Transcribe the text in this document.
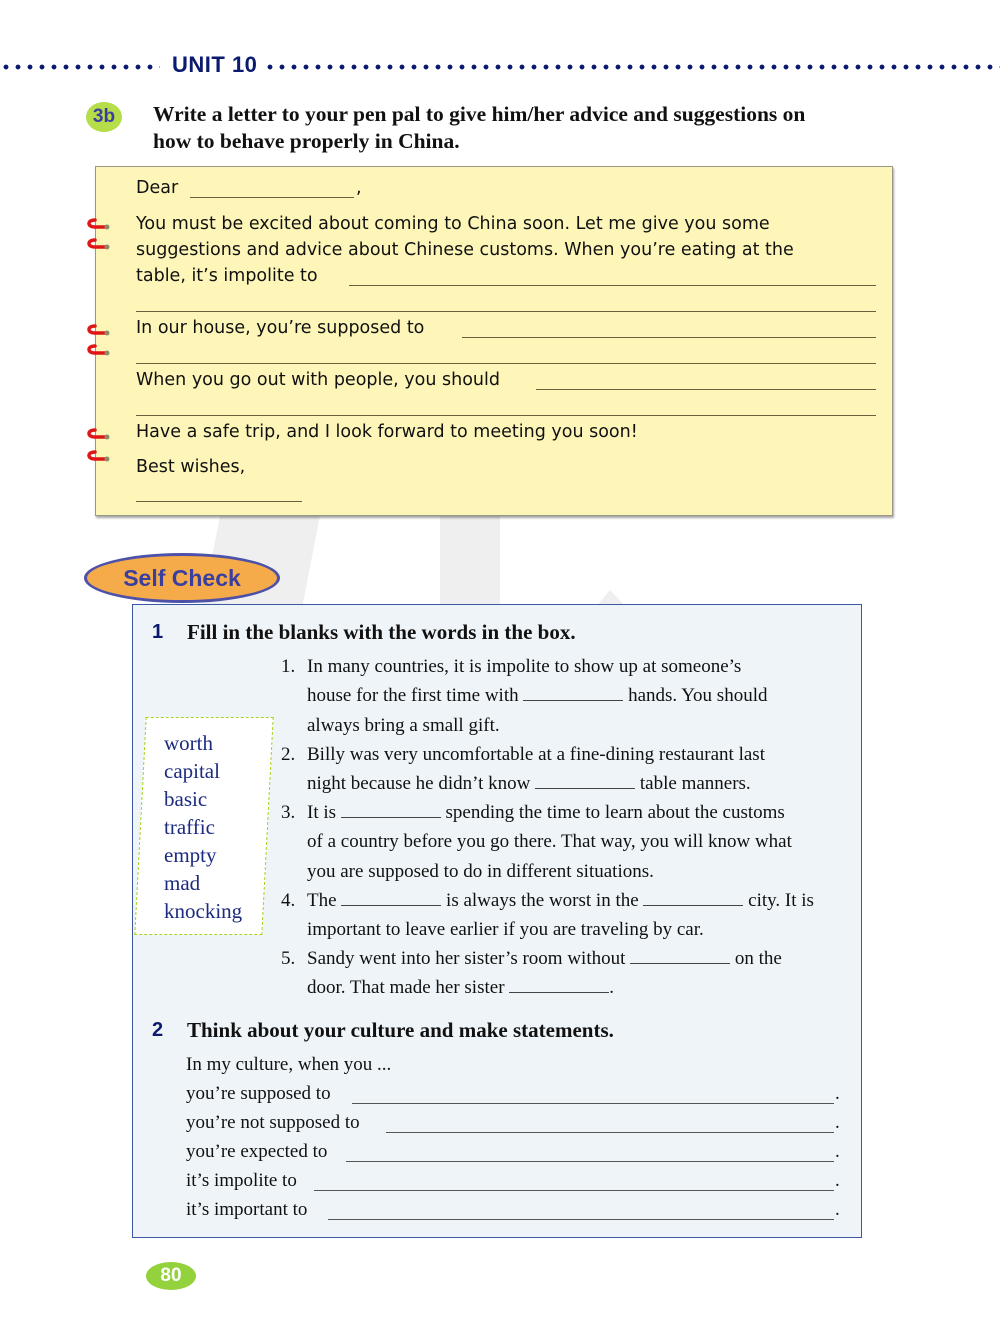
UNIT 10
3b	Write a letter to your pen pal to give him/her advice and suggestions on
how to behave properly in China.
Dear	,
You must be excited about coming to China soon. Let me give you some
suggestions and advice about Chinese customs. When you’re eating at the
table, it’s impolite to
In our house, you’re supposed to
When you go out with people, you should
Have a safe trip, and I look forward to meeting you soon!
Best wishes,
Self Check
1 Fill in the blanks with the words in the box.
worth
capital
basic
traffic
empty
mad
knocking
1. In many countries, it is impolite to show up at someone’s
house for the first time with	hands. You should
always bring a small gift.
2. Billy was very uncomfortable at a fine-dining restaurant last
night because he didn’t know	table manners.
3. It is	spending the time to learn about the customs
of a country before you go there. That way, you will know what
you are supposed to do in different situations.
4. The	is always the worst in the	city. It is
important to leave earlier if you are traveling by car.
5. Sandy went into her sister’s room without	on the
door. That made her sister	.
2 Think about your culture and make statements.
In my culture, when you ...
you’re supposed to	.
you’re not supposed to	.
you’re expected to	.
it’s impolite to	.
it’s important to	.
80
